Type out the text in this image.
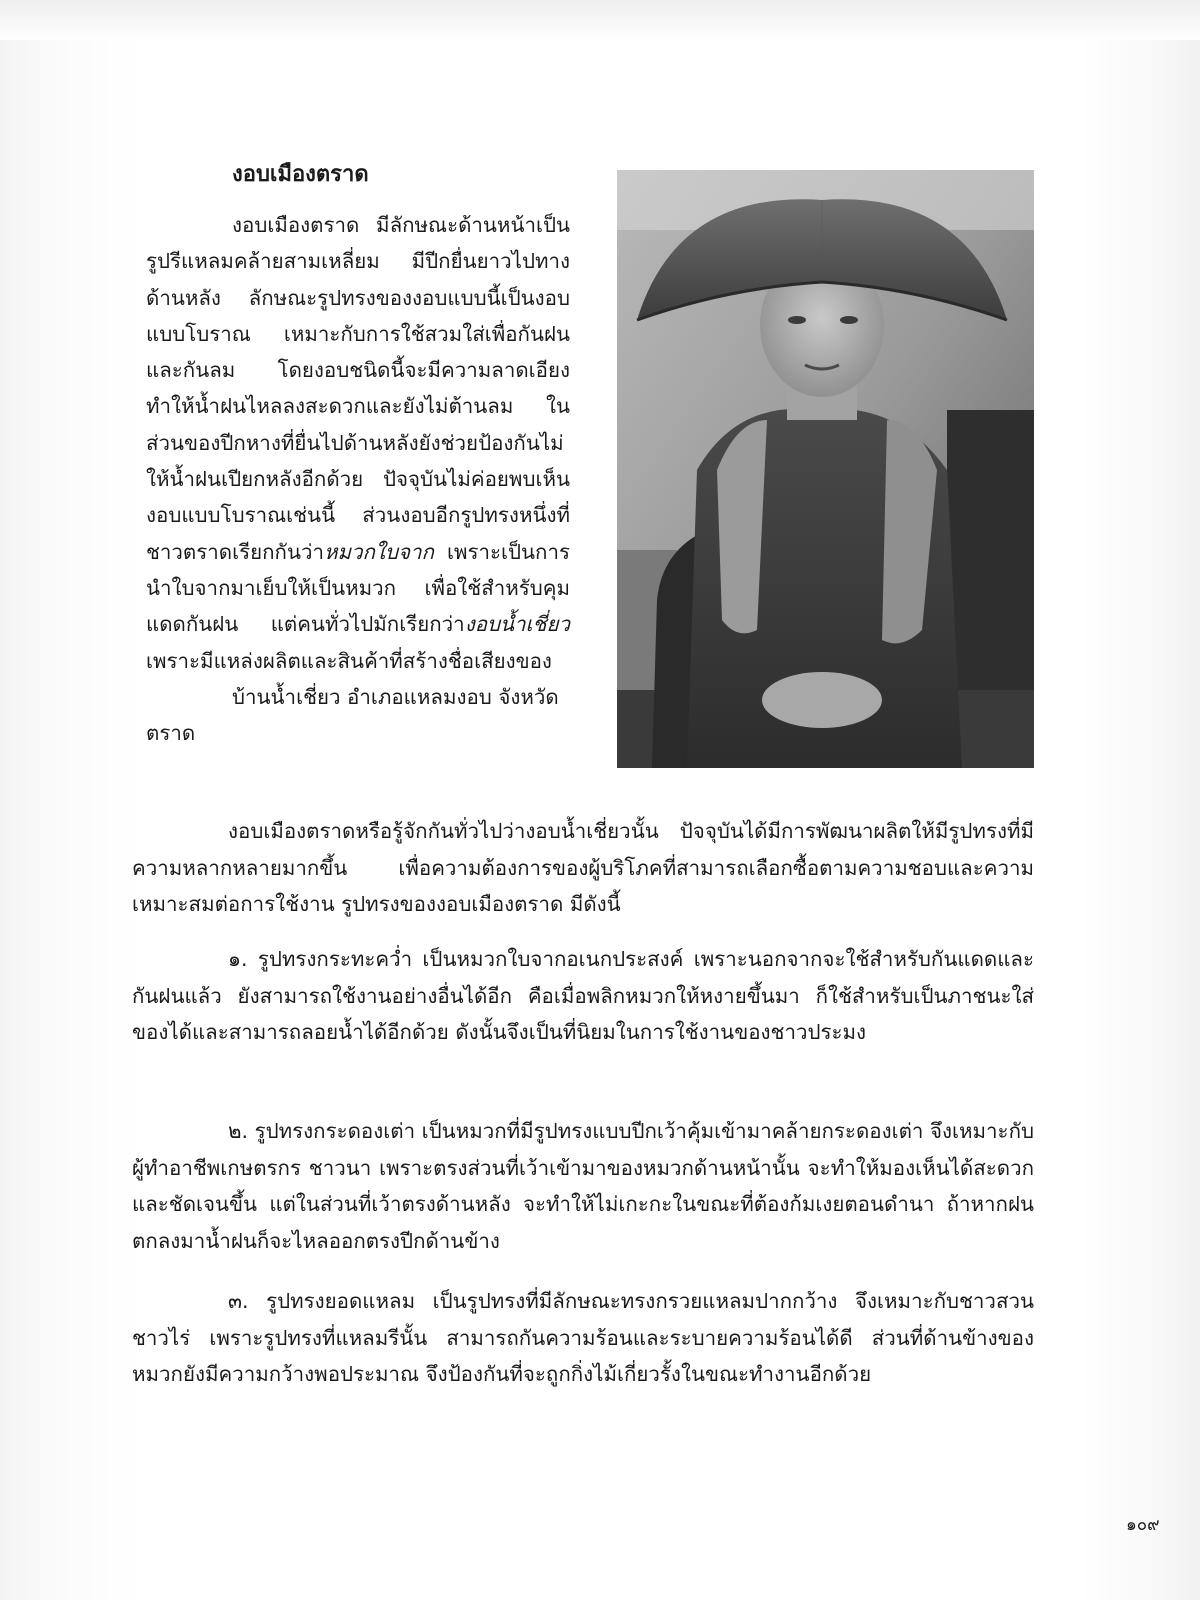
งอบเมืองตราด

งอบเมืองตราด มีลักษณะด้านหน้าเป็นรูปรีแหลมคล้ายสามเหลี่ยม มีปีกยื่นยาวไปทางด้านหลัง ลักษณะรูปทรงของงอบแบบนี้เป็นงอบแบบโบราณ เหมาะกับการใช้สวมใส่เพื่อกันฝนและกันลม โดยงอบชนิดนี้จะมีความลาดเอียง ทำให้น้ำฝนไหลลงสะดวกและยังไม่ต้านลม ในส่วนของปีกหางที่ยื่นไปด้านหลังยังช่วยป้องกันไม่ให้น้ำฝนเปียกหลังอีกด้วย ปัจจุบันไม่ค่อยพบเห็นงอบแบบโบราณเช่นนี้ ส่วนงอบอีกรูปทรงหนึ่งที่ชาวตราดเรียกกันว่าหมวกใบจาก เพราะเป็นการนำใบจากมาเย็บให้เป็นหมวก เพื่อใช้สำหรับคุมแดดกันฝน แต่คนทั่วไปมักเรียกว่างอบน้ำเชี่ยว เพราะมีแหล่งผลิตและสินค้าที่สร้างชื่อเสียงของ
บ้านน้ำเชี่ยว อำเภอแหลมงอบ จังหวัดตราด

งอบเมืองตราดหรือรู้จักกันทั่วไปว่างอบน้ำเชี่ยวนั้น ปัจจุบันได้มีการพัฒนาผลิตให้มีรูปทรงที่มีความหลากหลายมากขึ้น เพื่อความต้องการของผู้บริโภคที่สามารถเลือกซื้อตามความชอบและความเหมาะสมต่อการใช้งาน รูปทรงของงอบเมืองตราด มีดังนี้

๑. รูปทรงกระทะคว่ำ เป็นหมวกใบจากอเนกประสงค์ เพราะนอกจากจะใช้สำหรับกันแดดและกันฝนแล้ว ยังสามารถใช้งานอย่างอื่นได้อีก คือเมื่อพลิกหมวกให้หงายขึ้นมา ก็ใช้สำหรับเป็นภาชนะใส่ของได้และสามารถลอยน้ำได้อีกด้วย ดังนั้นจึงเป็นที่นิยมในการใช้งานของชาวประมง

๒. รูปทรงกระดองเต่า เป็นหมวกที่มีรูปทรงแบบปีกเว้าคุ้มเข้ามาคล้ายกระดองเต่า จึงเหมาะกับผู้ทำอาชีพเกษตรกร ชาวนา เพราะตรงส่วนที่เว้าเข้ามาของหมวกด้านหน้านั้น จะทำให้มองเห็นได้สะดวกและชัดเจนขึ้น แต่ในส่วนที่เว้าตรงด้านหลัง จะทำให้ไม่เกะกะในขณะที่ต้องก้มเงยตอนดำนา ถ้าหากฝนตกลงมาน้ำฝนก็จะไหลออกตรงปีกด้านข้าง

๓. รูปทรงยอดแหลม เป็นรูปทรงที่มีลักษณะทรงกรวยแหลมปากกว้าง จึงเหมาะกับชาวสวน ชาวไร่ เพราะรูปทรงที่แหลมรีนั้น สามารถกันความร้อนและระบายความร้อนได้ดี ส่วนที่ด้านข้างของหมวกยังมีความกว้างพอประมาณ จึงป้องกันที่จะถูกกิ่งไม้เกี่ยวรั้งในขณะทำงานอีกด้วย

๑๐๙
